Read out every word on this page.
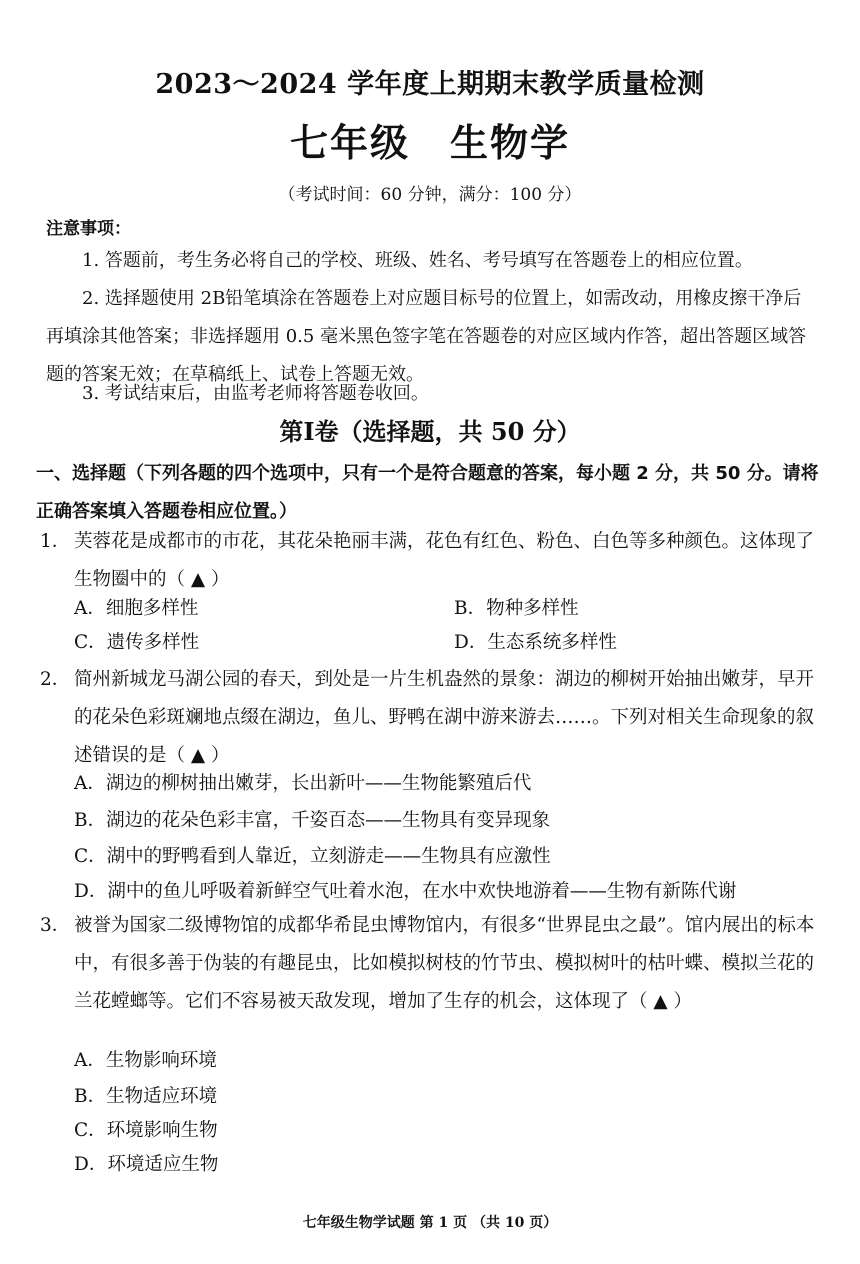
2023～2024 学年度上期期末教学质量检测
七年级　生物学
（考试时间：60 分钟，满分：100 分）
注意事项：
1. 答题前，考生务必将自己的学校、班级、姓名、考号填写在答题卷上的相应位置。
2. 选择题使用 2B铅笔填涂在答题卷上对应题目标号的位置上，如需改动，用橡皮擦干净后再填涂其他答案；非选择题用 0.5 毫米黑色签字笔在答题卷的对应区域内作答，超出答题区域答题的答案无效；在草稿纸上、试卷上答题无效。
3. 考试结束后，由监考老师将答题卷收回。
第I卷（选择题，共 50 分）
一、选择题（下列各题的四个选项中，只有一个是符合题意的答案，每小题 2 分，共 50 分。请将正确答案填入答题卷相应位置。）
1． 芙蓉花是成都市的市花，其花朵艳丽丰满，花色有红色、粉色、白色等多种颜色。这体现了生物圈中的（ ▲ ）
A．细胞多样性	B．物种多样性
C．遗传多样性	D．生态系统多样性
2． 简州新城龙马湖公园的春天，到处是一片生机盎然的景象：湖边的柳树开始抽出嫩芽，早开的花朵色彩斑斓地点缀在湖边，鱼儿、野鸭在湖中游来游去……。下列对相关生命现象的叙述错误的是（ ▲ ）
A．湖边的柳树抽出嫩芽，长出新叶——生物能繁殖后代
B．湖边的花朵色彩丰富，千姿百态——生物具有变异现象
C．湖中的野鸭看到人靠近，立刻游走——生物具有应激性
D．湖中的鱼儿呼吸着新鲜空气吐着水泡，在水中欢快地游着——生物有新陈代谢
3． 被誉为国家二级博物馆的成都华希昆虫博物馆内，有很多“世界昆虫之最”。馆内展出的标本中，有很多善于伪装的有趣昆虫，比如模拟树枝的竹节虫、模拟树叶的枯叶蝶、模拟兰花的兰花螳螂等。它们不容易被天敌发现，增加了生存的机会，这体现了（ ▲ ）
A．生物影响环境
B．生物适应环境
C．环境影响生物
D．环境适应生物
七年级生物学试题 第 1 页 （共 10 页）
